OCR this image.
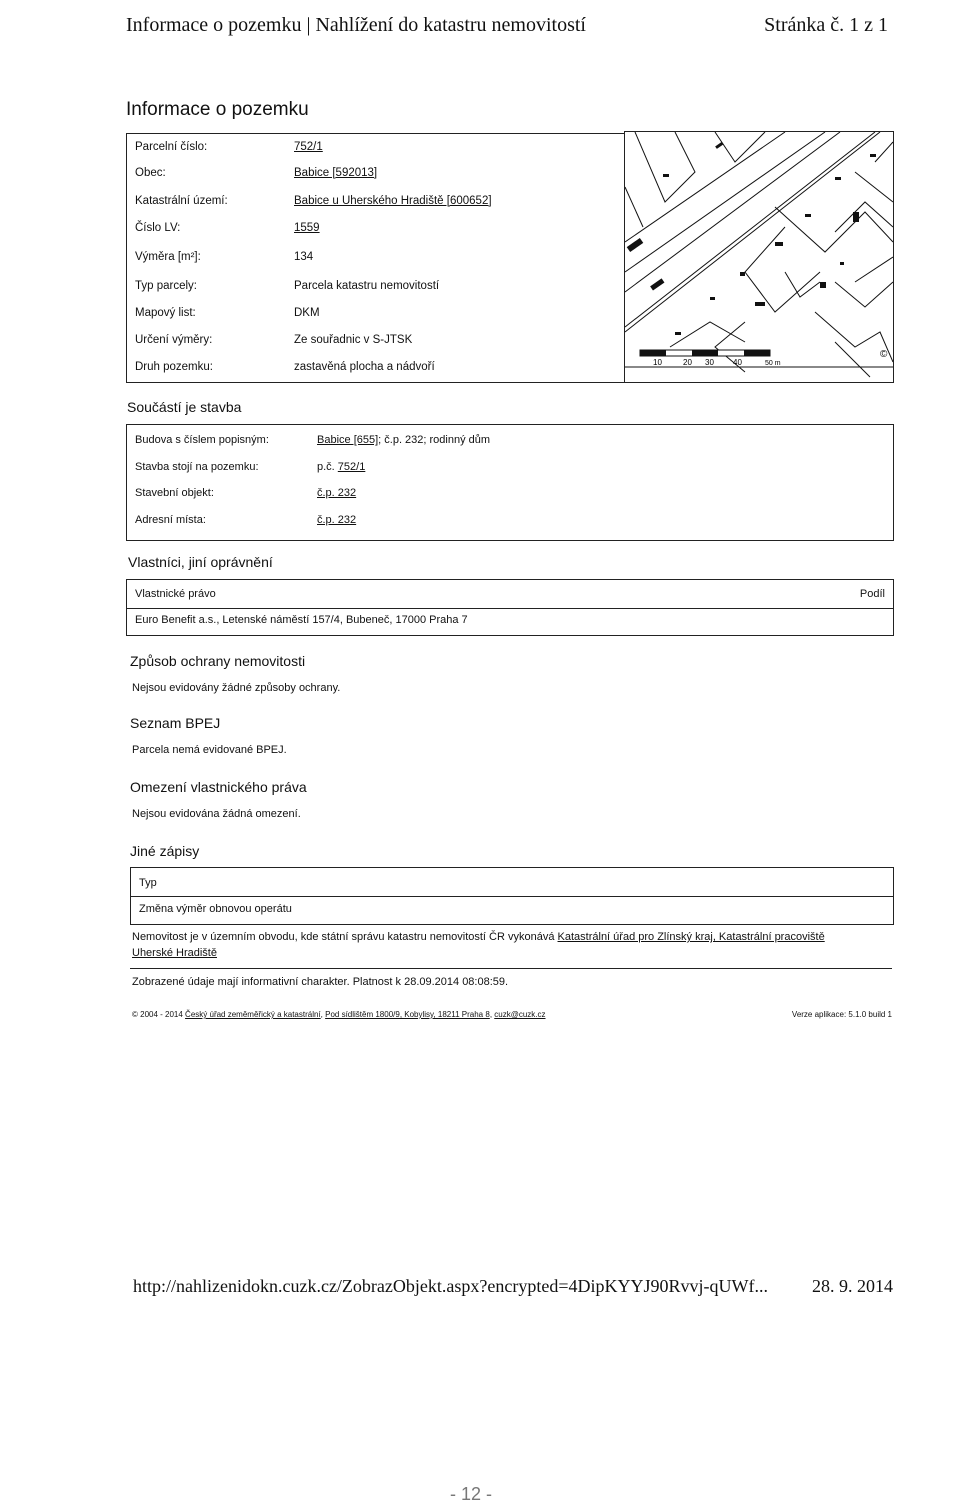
Informace o pozemku | Nahlížení do katastru nemovitostí	Stránka č. 1 z 1
Informace o pozemku
Parcelní číslo:	752/1
Obec:	Babice [592013]
Katastrální území:	Babice u Uherského Hradiště [600652]
Číslo LV:	1559
Výměra [m²]:	134
Typ parcely:	Parcela katastru nemovitostí
Mapový list:	DKM
Určení výměry:	Ze souřadnic v S-JTSK
Druh pozemku:	zastavěná plocha a nádvoří	10	20 30 40	50 m
©
Součástí je stavba
Budova s číslem popisným:	Babice [655]; č.p. 232; rodinný dům
Stavba stojí na pozemku:	p.č. 752/1
Stavební objekt:	č.p. 232
Adresní místa:	č.p. 232
Vlastníci, jiní oprávnění
Vlastnické právo	Podíl
Euro Benefit a.s., Letenské náměstí 157/4, Bubeneč, 17000 Praha 7
Způsob ochrany nemovitosti
Nejsou evidovány žádné způsoby ochrany.
Seznam BPEJ
Parcela nemá evidované BPEJ.
Omezení vlastnického práva
Nejsou evidována žádná omezení.
Jiné zápisy
Typ
Změna výměr obnovou operátu
Nemovitost je v územním obvodu, kde státní správu katastru nemovitostí ČR vykonává Katastrální úřad pro Zlínský kraj, Katastrální pracoviště Uherské Hradiště
Zobrazené údaje mají informativní charakter. Platnost k 28.09.2014 08:08:59.
© 2004 - 2014 Český úřad zeměměřický a katastrální, Pod sídlištěm 1800/9, Kobylisy, 18211 Praha 8, cuzk@cuzk.cz	Verze aplikace: 5.1.0 build 1
http://nahlizenidokn.cuzk.cz/ZobrazObjekt.aspx?encrypted=4DipKYYJ90Rvvj-qUWf... 28. 9. 2014
- 12 -
